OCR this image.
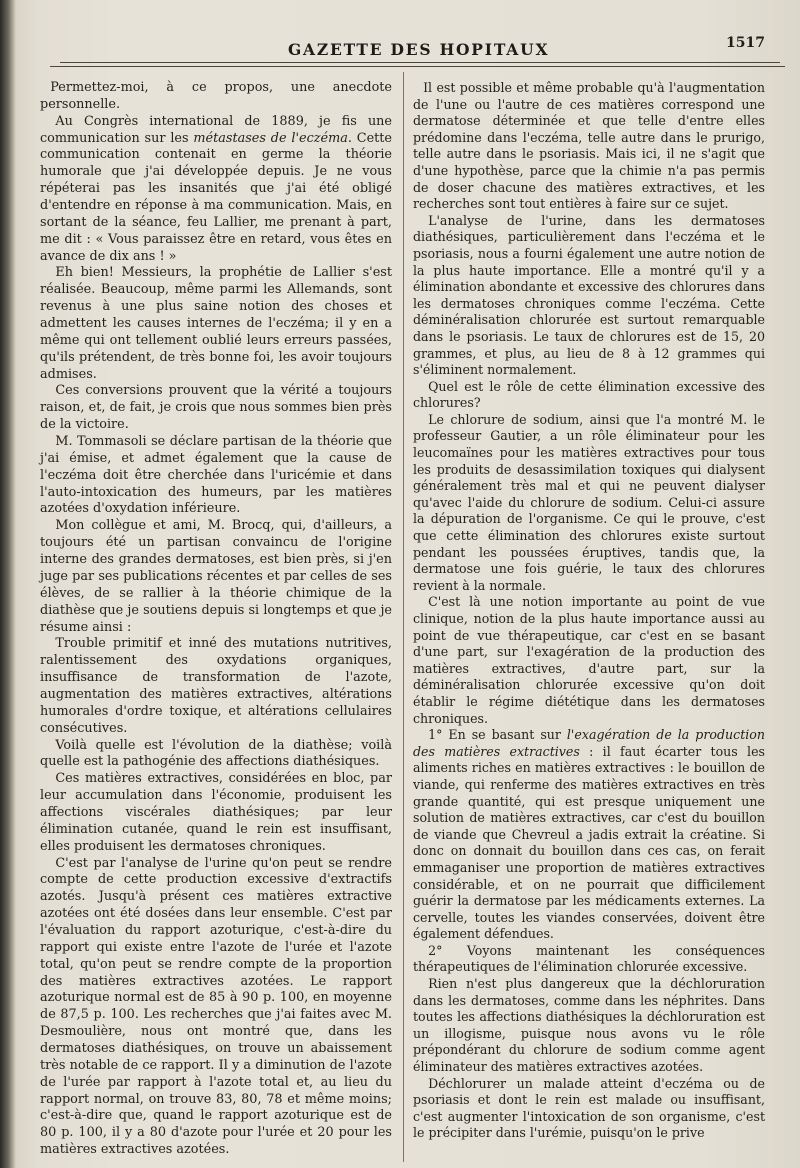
GAZETTE DES HOPITAUX	1517

Permettez-moi, à ce propos, une anecdote personnelle.

Au Congrès international de 1889, je fis une communication sur les métastases de l'eczéma. Cette communication contenait en germe la théorie humorale que j'ai développée depuis. Je ne vous répéterai pas les insanités que j'ai été obligé d'entendre en réponse à ma communication. Mais, en sortant de la séance, feu Lallier, me prenant à part, me dit : « Vous paraissez être en retard, vous êtes en avance de dix ans ! »

Eh bien! Messieurs, la prophétie de Lallier s'est réalisée. Beaucoup, même parmi les Allemands, sont revenus à une plus saine notion des choses et admettent les causes internes de l'eczéma; il y en a même qui ont tellement oublié leurs erreurs passées, qu'ils prétendent, de très bonne foi, les avoir toujours admises.

Ces conversions prouvent que la vérité a toujours raison, et, de fait, je crois que nous sommes bien près de la victoire.

M. Tommasoli se déclare partisan de la théorie que j'ai émise, et admet également que la cause de l'eczéma doit être cherchée dans l'uricémie et dans l'auto-intoxication des humeurs, par les matières azotées d'oxydation inférieure.

Mon collègue et ami, M. Brocq, qui, d'ailleurs, a toujours été un partisan convaincu de l'origine interne des grandes dermatoses, est bien près, si j'en juge par ses publications récentes et par celles de ses élèves, de se rallier à la théorie chimique de la diathèse que je soutiens depuis si longtemps et que je résume ainsi :

Trouble primitif et inné des mutations nutritives, ralentissement des oxydations organiques, insuffisance de transformation de l'azote, augmentation des matières extractives, altérations humorales d'ordre toxique, et altérations cellulaires consécutives.

Voilà quelle est l'évolution de la diathèse; voilà quelle est la pathogénie des affections diathésiques.

Ces matières extractives, considérées en bloc, par leur accumulation dans l'économie, produisent les affections viscérales diathésiques; par leur élimination cutanée, quand le rein est insuffisant, elles produisent les dermatoses chroniques.

C'est par l'analyse de l'urine qu'on peut se rendre compte de cette production excessive d'extractifs azotés. Jusqu'à présent ces matières extractive azotées ont été dosées dans leur ensemble. C'est par l'évaluation du rapport azoturique, c'est-à-dire du rapport qui existe entre l'azote de l'urée et l'azote total, qu'on peut se rendre compte de la proportion des matières extractives azotées. Le rapport azoturique normal est de 85 à 90 p. 100, en moyenne de 87,5 p. 100. Les recherches que j'ai faites avec M. Desmoulière, nous ont montré que, dans les dermatoses diathésiques, on trouve un abaissement très notable de ce rapport. Il y a diminution de l'azote de l'urée par rapport à l'azote total et, au lieu du rapport normal, on trouve 83, 80, 78 et même moins; c'est-à-dire que, quand le rapport azoturique est de 80 p. 100, il y a 80 d'azote pour l'urée et 20 pour les matières extractives azotées.

Il est possible et même probable qu'à l'augmentation de l'une ou l'autre de ces matières correspond une dermatose déterminée et que telle d'entre elles prédomine dans l'eczéma, telle autre dans le prurigo, telle autre dans le psoriasis. Mais ici, il ne s'agit que d'une hypothèse, parce que la chimie n'a pas permis de doser chacune des matières extractives, et les recherches sont tout entières à faire sur ce sujet.

L'analyse de l'urine, dans les dermatoses diathésiques, particulièrement dans l'eczéma et le psoriasis, nous a fourni également une autre notion de la plus haute importance. Elle a montré qu'il y a élimination abondante et excessive des chlorures dans les dermatoses chroniques comme l'eczéma. Cette déminéralisation chlorurée est surtout remarquable dans le psoriasis. Le taux de chlorures est de 15, 20 grammes, et plus, au lieu de 8 à 12 grammes qui s'éliminent normalement.

Quel est le rôle de cette élimination excessive des chlorures?

Le chlorure de sodium, ainsi que l'a montré M. le professeur Gautier, a un rôle éliminateur pour les leucomaïnes pour les matières extractives pour tous les produits de desassimilation toxiques qui dialysent généralement très mal et qui ne peuvent dialyser qu'avec l'aide du chlorure de sodium. Celui-ci assure la dépuration de l'organisme. Ce qui le prouve, c'est que cette élimination des chlorures existe surtout pendant les poussées éruptives, tandis que, la dermatose une fois guérie, le taux des chlorures revient à la normale.

C'est là une notion importante au point de vue clinique, notion de la plus haute importance aussi au point de vue thérapeutique, car c'est en se basant d'une part, sur l'exagération de la production des matières extractives, d'autre part, sur la déminéralisation chlorurée excessive qu'on doit établir le régime diététique dans les dermatoses chroniques.

1° En se basant sur l'exagération de la production des matières extractives : il faut écarter tous les aliments riches en matières extractives : le bouillon de viande, qui renferme des matières extractives en très grande quantité, qui est presque uniquement une solution de matières extractives, car c'est du bouillon de viande que Chevreul a jadis extrait la créatine. Si donc on donnait du bouillon dans ces cas, on ferait emmaganiser une proportion de matières extractives considérable, et on ne pourrait que difficilement guérir la dermatose par les médicaments externes. La cervelle, toutes les viandes conservées, doivent être également défendues.

2° Voyons maintenant les conséquences thérapeutiques de l'élimination chlorurée excessive.

Rien n'est plus dangereux que la déchloruration dans les dermatoses, comme dans les néphrites. Dans toutes les affections diathésiques la déchloruration est un illogisme, puisque nous avons vu le rôle prépondérant du chlorure de sodium comme agent éliminateur des matières extractives azotées.

Déchlorurer un malade atteint d'eczéma ou de psoriasis et dont le rein est malade ou insuffisant, c'est augmenter l'intoxication de son organisme, c'est le précipiter dans l'urémie, puisqu'on le prive
